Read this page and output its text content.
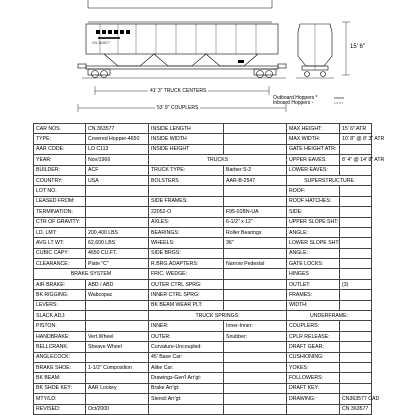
41' 3" TRUCK CENTERS
53' 9" COUPLERS
15' 6"
Outboard Hoppers *
Inboard Hoppers -
CN 363577
CAR NOS.	CN 363577	INSIDE LENGTH		MAX HEIGHT:	15' 6" ATR
TYPE:	Covered Hopper-4650	INSIDE WIDTH		MAX WIDTH:	10' 8" @ 8' 3" ATR
AAR CODE:	LO C113	INSIDE HEIGHT		GATE HEIGHT ATR:	
YEAR:	Nov/1966	TRUCKS		UPPER EAVES:	8' 4" @ 14' 8" ATR
BUILDER:	ACF	TRUCK TYPE:	Barber S-2	LOWER EAVES:	
COUNTRY:	USA	BOLSTERS	AAR-B-2547	SUPERSTRUCTURE	
LOT NO.				ROOF:	
LEASED FROM:		SIDE FRAMES:		ROOF HATCHES:	
TERMINATION:		22052-O	F95-01BN-UA	SIDE:	
CTR OF GRAVITY:		AXLES:	6-1/2" x 12"	UPPER SLOPE SHT:	
LD. LMT:	200,400 LBS	BEARINGS:	Roller Bearings	ANGLE:	
AVG LT WT:	62,600 LBS	WHEELS:	36"	LOWER SLOPE SHT:	
CUBIC CAPY:	4650 CU.FT.	SIDE BRGS:		ANGLE:	
CLEARANCE:	Plate "C"	R.BRG.ADAPTERS:	Narrow Pedestal	GATE LOCKS:	
BRAKE SYSTEM		FRIC. WEDGE:		HINGES	
AIR BRAKE:	ABD / ABD	OUTER CTRL SPRG:		OUTLET:	(3)
BK RIGGING:	Wabcopac	INNER CTRL SPRG:		FRAMES:	
LEVERS:		BK BEAM WEAR PLT:		WIDTH:	
SLACK ADJ:		TRUCK SPRINGS:		UNDERFRAME:	
PISTON:		INNER:	Inner-Inner:	COUPLERS:	
HANDBRAKE:	Vert.Wheel	OUTER:	Snubber:	CPLR RELEASE:	
BELLCRANK:	Sheave Wheel	Curvature-Uncoupled:		DRAFT GEAR:	
ANGLECOCK:		45' Base Car:		CUSHIONING:	
BRAKE SHOE:	1-1/2" Composition	Alike Car:		YOKES:	
BK BEAM:		Drawings-Gen'l Arr'gt:		FOLLOWERS:	
BK SHOE KEY:	AAR Lockey	Brake Arr'gt:		DRAFT KEY:	
MTY/LD:		Stencil Arr'gt:		DRAWING:	CN363577 CAD
REVISED:	Oct/2000				CN 363577
